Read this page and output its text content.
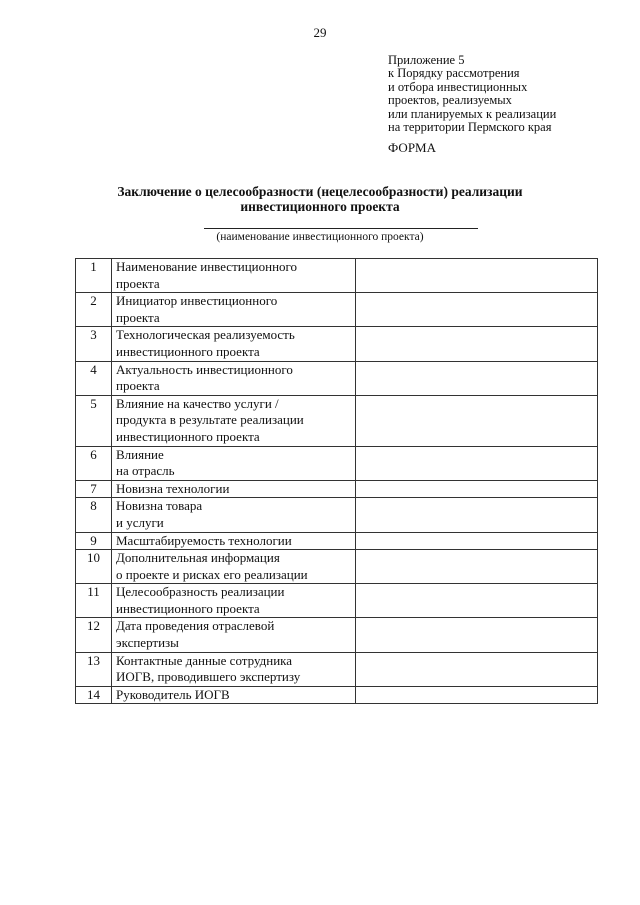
29
Приложение 5
к Порядку рассмотрения
и отбора инвестиционных
проектов, реализуемых
или планируемых к реализации
на территории Пермского края
ФОРМА
Заключение о целесообразности (нецелесообразности) реализации
инвестиционного проекта
(наименование инвестиционного проекта)
1	Наименование инвестиционного
проекта	

2	Инициатор инвестиционного
проекта	

3	Технологическая реализуемость
инвестиционного проекта	

4	Актуальность инвестиционного
проекта	

5	Влияние на качество услуги /
продукта в результате реализации
инвестиционного проекта	

6	Влияние
на отрасль	

7	Новизна технологии	

8	Новизна товара
и услуги	

9	Масштабируемость технологии	

10	Дополнительная информация
о проекте и рисках его реализации	

11	Целесообразность реализации
инвестиционного проекта	

12	Дата проведения отраслевой
экспертизы	

13	Контактные данные сотрудника
ИОГВ, проводившего экспертизу	

14	Руководитель ИОГВ	
